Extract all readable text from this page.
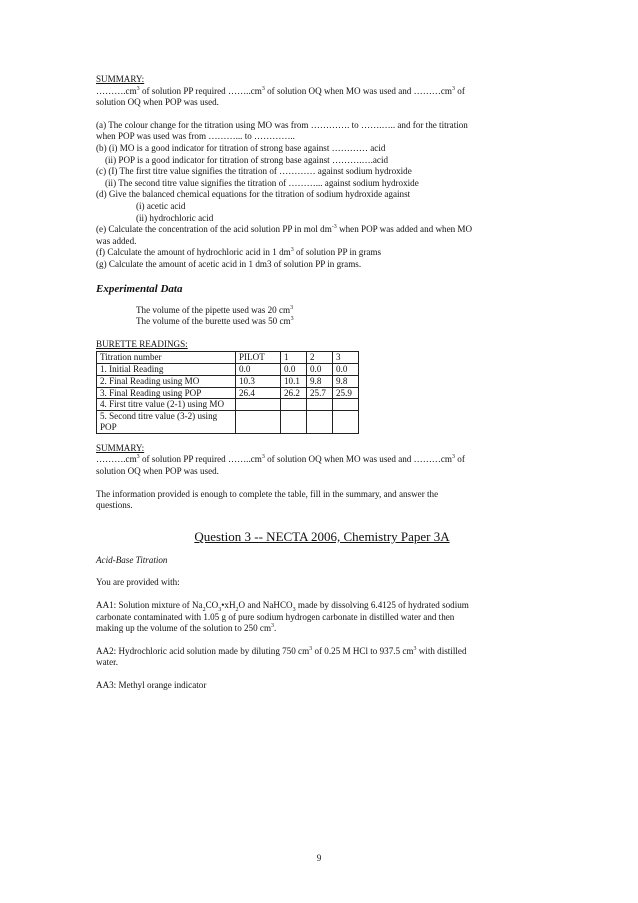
SUMMARY:

$\dots\dots\dots.cm^3$ of solution PP required $\dots\dots..cm^3$ of solution OQ when MO was used and $\dots\dots\dots cm^3$ of

solution OQ when POP was used.

(a) The colour change for the titration using MO was from …………. to …….….. and for the titration

when POP was used was from ………... to …………..

(b) (i) MO is a good indicator for titration of strong base against ………… acid

(ii) POP is a good indicator for titration of strong base against ……….….acid

(c) (I) The first titre value signifies the titration of ………… against sodium hydroxide

(ii) The second titre value signifies the titration of ………... against sodium hydroxide

(d) Give the balanced chemical equations for the titration of sodium hydroxide against

(i) acetic acid

(ii) hydrochloric acid

(e) Calculate the concentration of the acid solution PP in mol $dm^{-3}$ when POP was added and when MO

was added.

(f) Calculate the amount of hydrochloric acid in 1 $dm^3$ of solution PP in grams

(g) Calculate the amount of acetic acid in 1 dm3 of solution PP in grams.

Experimental Data

The volume of the pipette used was 20 $cm^3$

The volume of the burette used was 50 $cm^3$

BURETTE READINGS:

Titration number	PILOT	1	2	3
1. Initial Reading	0.0	0.0	0.0	0.0
2. Final Reading using MO	10.3	10.1	9.8	9.8
3. Final Reading using POP	26.4	26.2	25.7	25.9
4. First titre value (2-1) using MO				
5. Second titre value (3-2) using POP				

SUMMARY:

$\dots\dots\dots.cm^3$ of solution PP required $\dots\dots..cm^3$ of solution OQ when MO was used and $\dots\dots\dots cm^3$ of

solution OQ when POP was used.

The information provided is enough to complete the table, fill in the summary, and answer the

questions.

Question 3 -- NECTA 2006, Chemistry Paper 3A

Acid-Base Titration

You are provided with:

AA1: Solution mixture of $Na_2CO_3•xH_2O$ and NaHCO$_3$ made by dissolving 6.4125 of hydrated sodium

carbonate contaminated with 1.05 g of pure sodium hydrogen carbonate in distilled water and then

making up the volume of the solution to 250 $cm^3$.

AA2: Hydrochloric acid solution made by diluting 750 $cm^3$ of 0.25 M HCl to 937.5 $cm^3$ with distilled

water.

AA3: Methyl orange indicator

9
